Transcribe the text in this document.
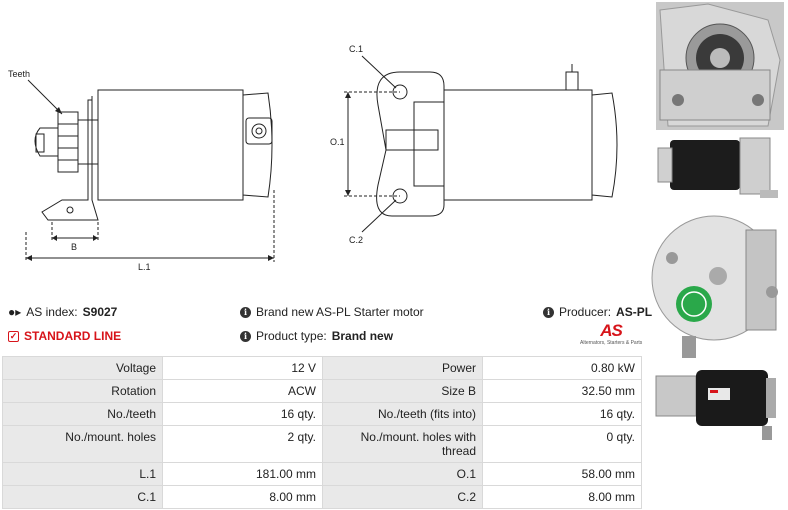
Teeth
B
L.1
C.1
C.2
O.1
●▸ AS index: S9027
✓ STANDARD LINE
i Brand new AS-PL Starter motor
i Product type: Brand new
i Producer: AS-PL
AS
Alternators, Starters & Parts
Voltage	12 V	Power	0.80 kW
Rotation	ACW	Size B	32.50 mm
No./teeth	16 qty.	No./teeth (fits into)	16 qty.
No./mount. holes	2 qty.	No./mount. holes with thread	0 qty.
L.1	181.00 mm	O.1	58.00 mm
C.1	8.00 mm	C.2	8.00 mm
